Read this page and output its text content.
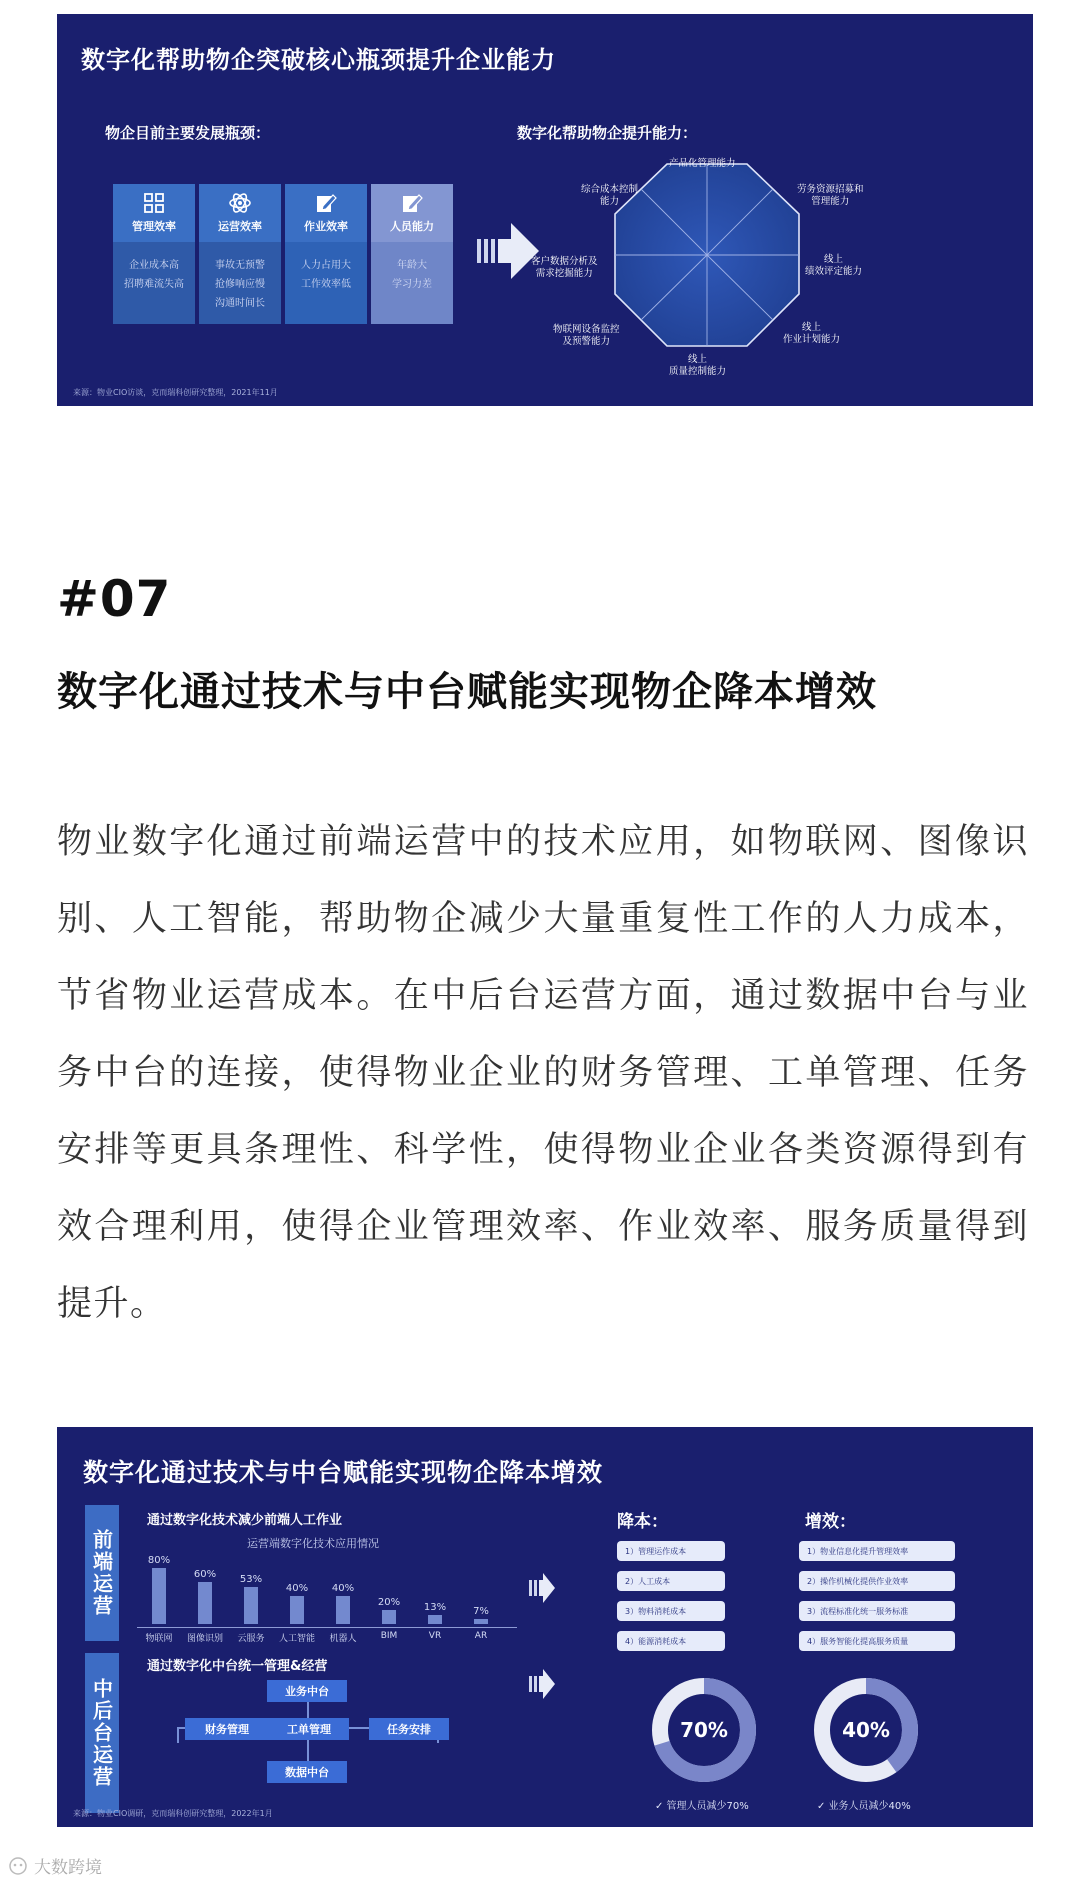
数字化帮助物企突破核心瓶颈提升企业能力
物企目前主要发展瓶颈：	数字化帮助物企提升能力：
管理效率
企业成本高
招聘难流失高
运营效率
事故无预警
抢修响应慢
沟通时间长
作业效率
人力占用大
工作效率低
人员能力
年龄大
学习力差
产品化管理能力
劳务资源招募和
管理能力
线上
绩效评定能力
线上
作业计划能力
线上
质量控制能力
物联网设备监控
及预警能力
客户数据分析及
需求挖掘能力
综合成本控制
能力
来源：物业CIO访谈，克而瑞科创研究整理，2021年11月
#07
数字化通过技术与中台赋能实现物企降本增效
物业数字化通过前端运营中的技术应用，如物联网、图像识别、人工智能，帮助物企减少大量重复性工作的人力成本，节省物业运营成本。在中后台运营方面，通过数据中台与业务中台的连接，使得物业企业的财务管理、工单管理、任务安排等更具条理性、科学性，使得物业企业各类资源得到有效合理利用，使得企业管理效率、作业效率、服务质量得到提升。
数字化通过技术与中台赋能实现物企降本增效
前端运营
中后台运营
通过数字化技术减少前端人工作业
运营端数字化技术应用情况
80%
物联网
60%
图像识别
53%
云服务
40%
人工智能
40%
机器人
20%
BIM
13%
VR
7%
AR
通过数字化中台统一管理&经营
业务中台
财务管理	工单管理	任务安排
数据中台
降本：	增效：
1）管理运作成本
2）人工成本
3）物料消耗成本
4）能源消耗成本
1）物业信息化提升管理效率
2）操作机械化提供作业效率
3）流程标准化统一服务标准
4）服务智能化提高服务质量
70%	40%
✓ 管理人员减少70%	✓ 业务人员减少40%
来源：物业CIO调研，克而瑞科创研究整理，2022年1月
大数跨境
